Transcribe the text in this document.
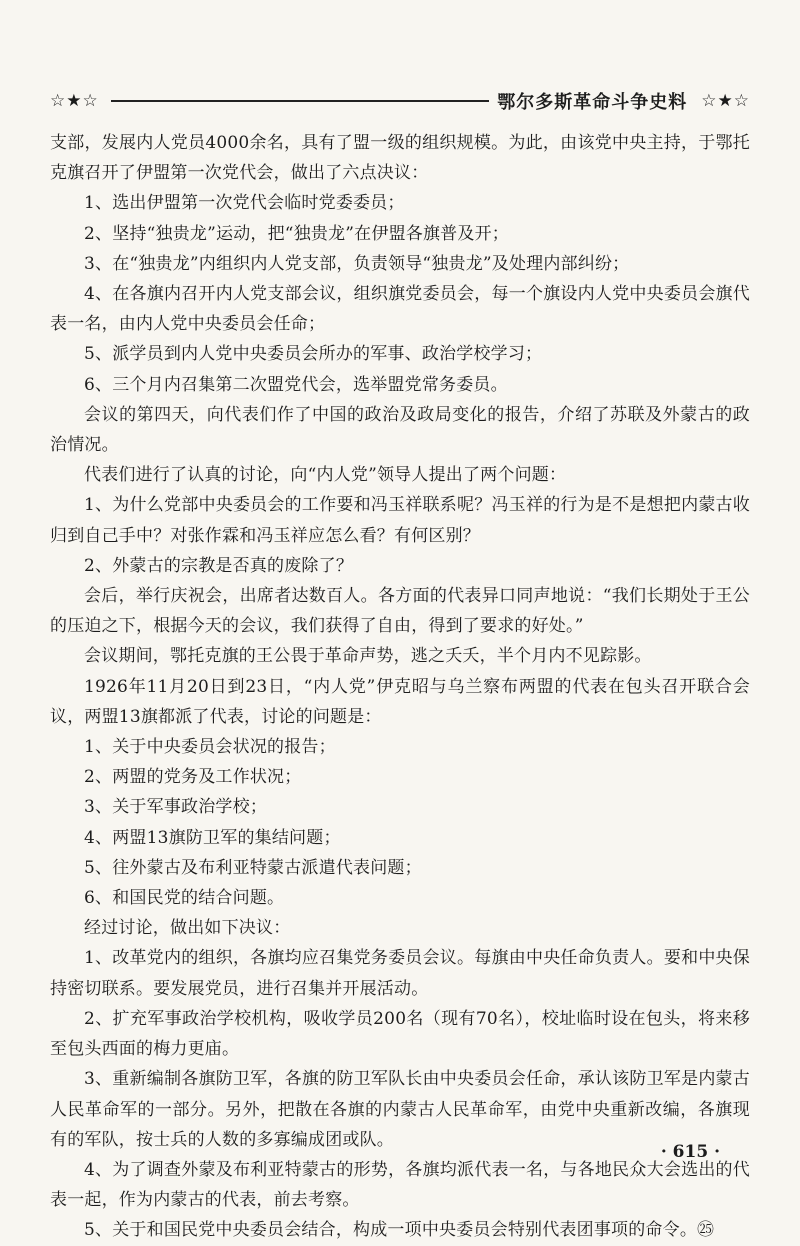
☆★☆	鄂尔多斯革命斗争史料 ☆★☆

支部，发展内人党员4000余名，具有了盟一级的组织规模。为此，由该党中央主持，于鄂托克旗召开了伊盟第一次党代会，做出了六点决议：

1、选出伊盟第一次党代会临时党委委员；

2、坚持“独贵龙”运动，把“独贵龙”在伊盟各旗普及开；

3、在“独贵龙”内组织内人党支部，负责领导“独贵龙”及处理内部纠纷；

4、在各旗内召开内人党支部会议，组织旗党委员会，每一个旗设内人党中央委员会旗代表一名，由内人党中央委员会任命；

5、派学员到内人党中央委员会所办的军事、政治学校学习；

6、三个月内召集第二次盟党代会，选举盟党常务委员。

会议的第四天，向代表们作了中国的政治及政局变化的报告，介绍了苏联及外蒙古的政治情况。

代表们进行了认真的讨论，向“内人党”领导人提出了两个问题：

1、为什么党部中央委员会的工作要和冯玉祥联系呢？冯玉祥的行为是不是想把内蒙古收归到自己手中？对张作霖和冯玉祥应怎么看？有何区别？

2、外蒙古的宗教是否真的废除了？

会后，举行庆祝会，出席者达数百人。各方面的代表异口同声地说：“我们长期处于王公的压迫之下，根据今天的会议，我们获得了自由，得到了要求的好处。”

会议期间，鄂托克旗的王公畏于革命声势，逃之夭夭，半个月内不见踪影。

1926年11月20日到23日，“内人党”伊克昭与乌兰察布两盟的代表在包头召开联合会议，两盟13旗都派了代表，讨论的问题是：

1、关于中央委员会状况的报告；

2、两盟的党务及工作状况；

3、关于军事政治学校；

4、两盟13旗防卫军的集结问题；

5、往外蒙古及布利亚特蒙古派遣代表问题；

6、和国民党的结合问题。

经过讨论，做出如下决议：

1、改革党内的组织，各旗均应召集党务委员会议。每旗由中央任命负责人。要和中央保持密切联系。要发展党员，进行召集并开展活动。

2、扩充军事政治学校机构，吸收学员200名（现有70名），校址临时设在包头，将来移至包头西面的梅力更庙。

3、重新编制各旗防卫军，各旗的防卫军队长由中央委员会任命，承认该防卫军是内蒙古人民革命军的一部分。另外，把散在各旗的内蒙古人民革命军，由党中央重新改编，各旗现有的军队，按士兵的人数的多寡编成团或队。

4、为了调查外蒙及布利亚特蒙古的形势，各旗均派代表一名，与各地民众大会选出的代表一起，作为内蒙古的代表，前去考察。

5、关于和国民党中央委员会结合，构成一项中央委员会特别代表团事项的命令。㉕

· 615 ·
